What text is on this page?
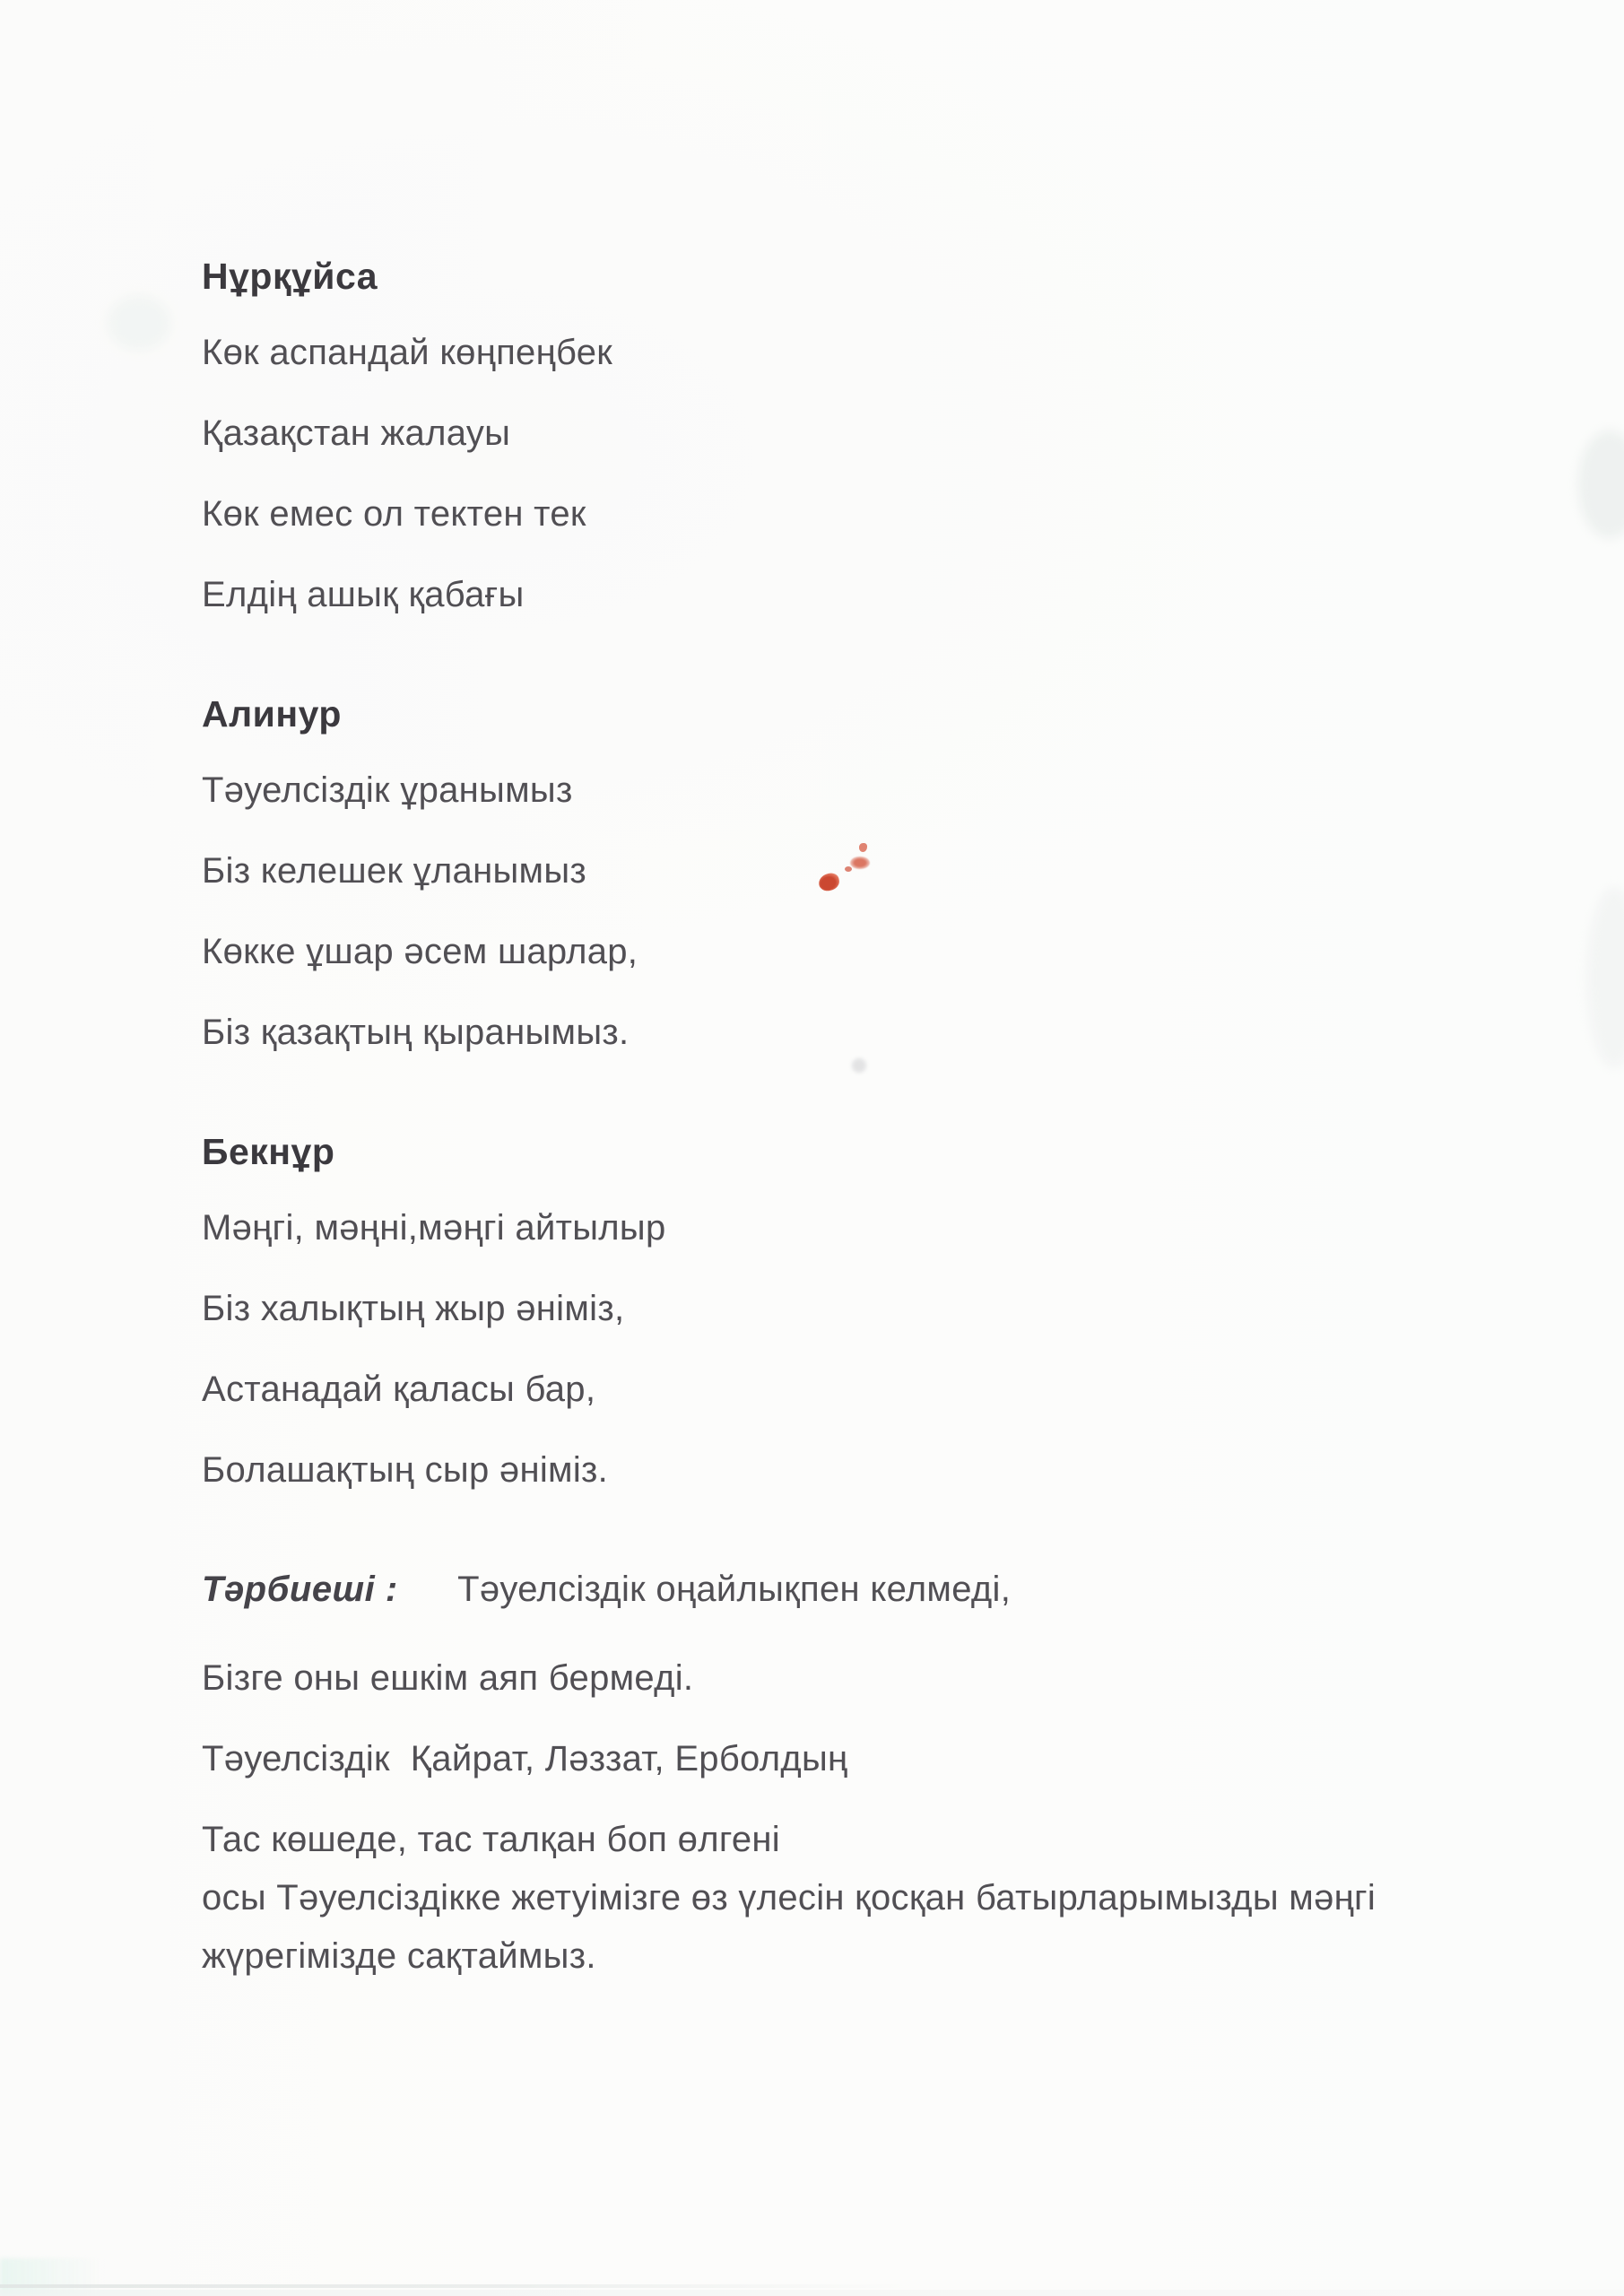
Нұрқұйса

Көк аспандай көңпеңбек

Қазақстан жалауы

Көк емес ол тектен тек

Елдің ашық қабағы

Алинур

Тәуелсіздік ұранымыз

Біз келешек ұланымыз

Көкке ұшар әсем шарлар,

Біз қазақтың қыранымыз.

Бекнұр

Мәңгі, мәңні,мәңгі айтылыр

Біз халықтың жыр әніміз,

Астанадай қаласы бар,

Болашақтың сыр әніміз.

Тәрбиеші : Тәуелсіздік оңайлықпен келмеді,

Бізге оны ешкім аяп бермеді.

Тәуелсіздік  Қайрат, Ләззат, Ерболдың

Тас көшеде, тас талқан боп өлгені

осы Тәуелсіздікке жетуімізге өз үлесін қосқан батырларымызды мәңгі

жүрегімізде сақтаймыз.
